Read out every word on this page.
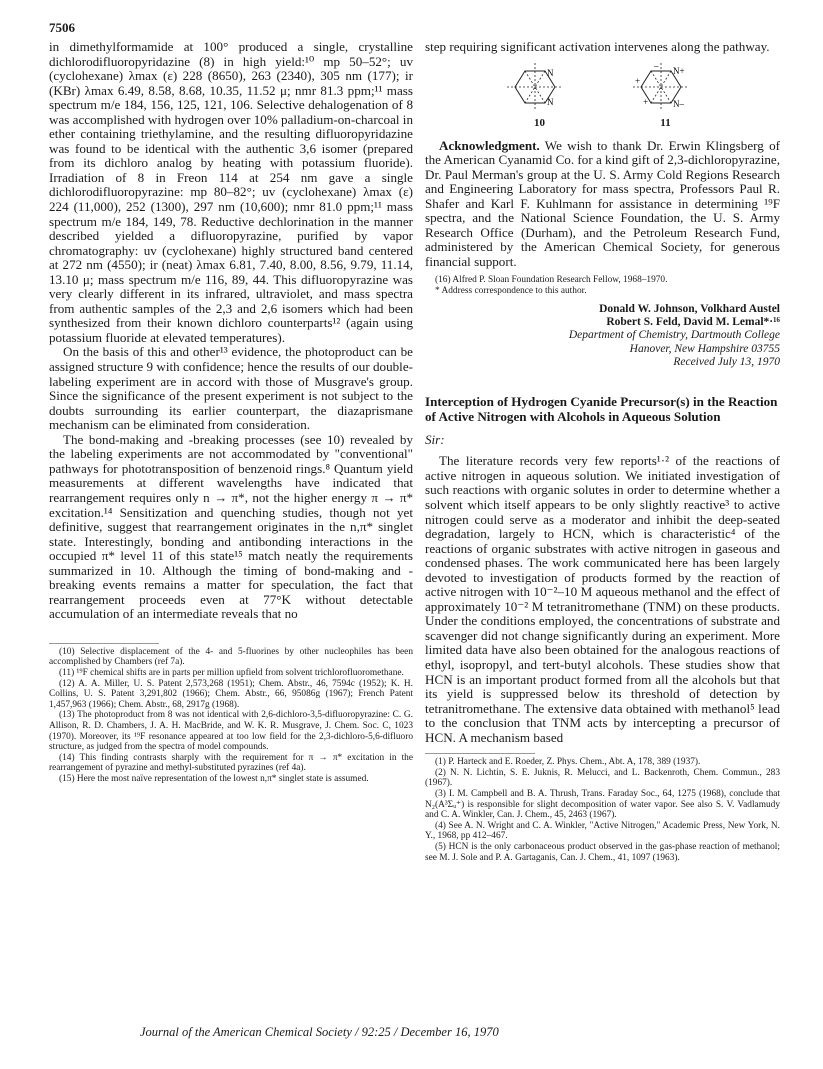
7506

in dimethylformamide at 100° produced a single, crystalline dichlorodifluoropyridazine (8) in high yield:¹⁰ mp 50–52°; uv (cyclohexane) λmax (ε) 228 (8650), 263 (2340), 305 nm (177); ir (KBr) λmax 6.49, 8.58, 8.68, 10.35, 11.52 μ; nmr 81.3 ppm;¹¹ mass spectrum m/e 184, 156, 125, 121, 106. Selective dehalogenation of 8 was accomplished with hydrogen over 10% palladium-on-charcoal in ether containing triethylamine, and the resulting difluoropyridazine was found to be identical with the authentic 3,6 isomer (prepared from its dichloro analog by heating with potassium fluoride). Irradiation of 8 in Freon 114 at 254 nm gave a single dichlorodifluoropyrazine: mp 80–82°; uv (cyclohexane) λmax (ε) 224 (11,000), 252 (1300), 297 nm (10,600); nmr 81.0 ppm;¹¹ mass spectrum m/e 184, 149, 78. Reductive dechlorination in the manner described yielded a difluoropyrazine, purified by vapor chromatography: uv (cyclohexane) highly structured band centered at 272 nm (4550); ir (neat) λmax 6.81, 7.40, 8.00, 8.56, 9.79, 11.14, 13.10 μ; mass spectrum m/e 116, 89, 44. This difluoropyrazine was very clearly different in its infrared, ultraviolet, and mass spectra from authentic samples of the 2,3 and 2,6 isomers which had been synthesized from their known dichloro counterparts¹² (again using potassium fluoride at elevated temperatures).

On the basis of this and other¹³ evidence, the photoproduct can be assigned structure 9 with confidence; hence the results of our double-labeling experiment are in accord with those of Musgrave's group. Since the significance of the present experiment is not subject to the doubts surrounding its earlier counterpart, the diazaprismane mechanism can be eliminated from consideration.

The bond-making and -breaking processes (see 10) revealed by the labeling experiments are not accommodated by "conventional" pathways for phototransposition of benzenoid rings.⁸ Quantum yield measurements at different wavelengths have indicated that rearrangement requires only n → π*, not the higher energy π → π* excitation.¹⁴ Sensitization and quenching studies, though not yet definitive, suggest that rearrangement originates in the n,π* singlet state. Interestingly, bonding and antibonding interactions in the occupied π* level 11 of this state¹⁵ match neatly the requirements summarized in 10. Although the timing of bond-making and -breaking events remains a matter for speculation, the fact that rearrangement proceeds even at 77°K without detectable accumulation of an intermediate reveals that no

(10) Selective displacement of the 4- and 5-fluorines by other nucleophiles has been accomplished by Chambers (ref 7a).

(11) ¹⁹F chemical shifts are in parts per million upfield from solvent trichlorofluoromethane.

(12) A. A. Miller, U. S. Patent 2,573,268 (1951); Chem. Abstr., 46, 7594c (1952); K. H. Collins, U. S. Patent 3,291,802 (1966); Chem. Abstr., 66, 95086g (1967); French Patent 1,457,963 (1966); Chem. Abstr., 68, 2917g (1968).

(13) The photoproduct from 8 was not identical with 2,6-dichloro-3,5-difluoropyrazine: C. G. Allison, R. D. Chambers, J. A. H. MacBride, and W. K. R. Musgrave, J. Chem. Soc. C, 1023 (1970). Moreover, its ¹⁹F resonance appeared at too low field for the 2,3-dichloro-5,6-difluoro structure, as judged from the spectra of model compounds.

(14) This finding contrasts sharply with the requirement for π → π* excitation in the rearrangement of pyrazine and methyl-substituted pyrazines (ref 4a).

(15) Here the most naïve representation of the lowest n,π* singlet state is assumed.

step requiring significant activation intervenes along the pathway.

N
N
10
N+
N–
+
–
+
11

Acknowledgment. We wish to thank Dr. Erwin Klingsberg of the American Cyanamid Co. for a kind gift of 2,3-dichloropyrazine, Dr. Paul Merman's group at the U. S. Army Cold Regions Research and Engineering Laboratory for mass spectra, Professors Paul R. Shafer and Karl F. Kuhlmann for assistance in determining ¹⁹F spectra, and the National Science Foundation, the U. S. Army Research Office (Durham), and the Petroleum Research Fund, administered by the American Chemical Society, for generous financial support.

(16) Alfred P. Sloan Foundation Research Fellow, 1968–1970.

* Address correspondence to this author.

Donald W. Johnson, Volkhard Austel
Robert S. Feld, David M. Lemal*·¹⁶
Department of Chemistry, Dartmouth College
Hanover, New Hampshire 03755
Received July 13, 1970

Interception of Hydrogen Cyanide Precursor(s) in the Reaction of Active Nitrogen with Alcohols in Aqueous Solution

Sir:

The literature records very few reports¹·² of the reactions of active nitrogen in aqueous solution. We initiated investigation of such reactions with organic solutes in order to determine whether a solvent which itself appears to be only slightly reactive³ to active nitrogen could serve as a moderator and inhibit the deep-seated degradation, largely to HCN, which is characteristic⁴ of the reactions of organic substrates with active nitrogen in gaseous and condensed phases. The work communicated here has been largely devoted to investigation of products formed by the reaction of active nitrogen with 10⁻²–10 M aqueous methanol and the effect of approximately 10⁻² M tetranitromethane (TNM) on these products. Under the conditions employed, the concentrations of substrate and scavenger did not change significantly during an experiment. More limited data have also been obtained for the analogous reactions of ethyl, isopropyl, and tert-butyl alcohols. These studies show that HCN is an important product formed from all the alcohols but that its yield is suppressed below its threshold of detection by tetranitromethane. The extensive data obtained with methanol⁵ lead to the conclusion that TNM acts by intercepting a precursor of HCN. A mechanism based

(1) P. Harteck and E. Roeder, Z. Phys. Chem., Abt. A, 178, 389 (1937).

(2) N. N. Lichtin, S. E. Juknis, R. Melucci, and L. Backenroth, Chem. Commun., 283 (1967).

(3) I. M. Campbell and B. A. Thrush, Trans. Faraday Soc., 64, 1275 (1968), conclude that N₂(A³Σᵤ⁺) is responsible for slight decomposition of water vapor. See also S. V. Vadlamudy and C. A. Winkler, Can. J. Chem., 45, 2463 (1967).

(4) See A. N. Wright and C. A. Winkler, "Active Nitrogen," Academic Press, New York, N. Y., 1968, pp 412–467.

(5) HCN is the only carbonaceous product observed in the gas-phase reaction of methanol; see M. J. Sole and P. A. Gartaganis, Can. J. Chem., 41, 1097 (1963).

Journal of the American Chemical Society / 92:25 / December 16, 1970
